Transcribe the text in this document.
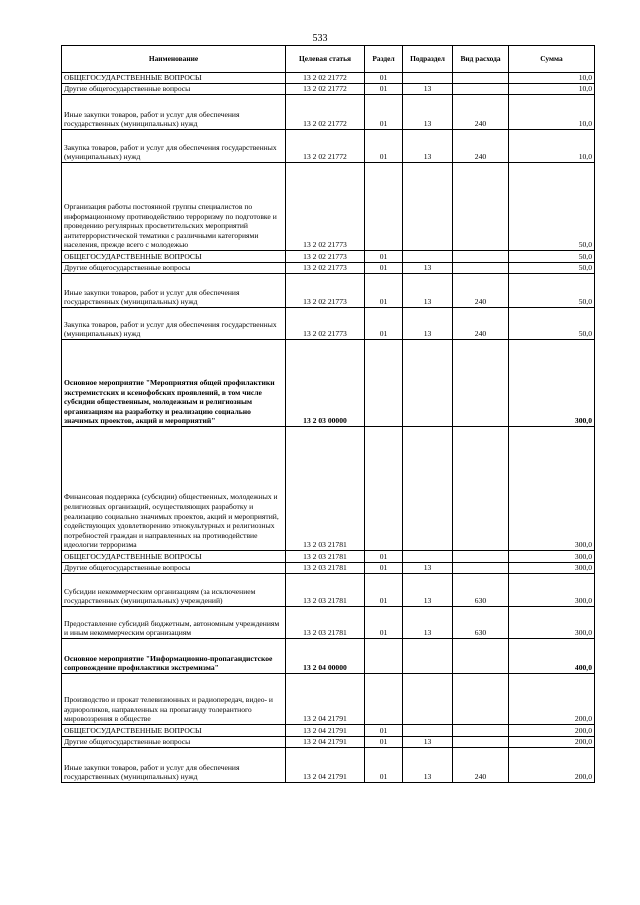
533
Наименование	Целевая статья	Раздел	Подраздел	Вид расхода	Сумма
ОБЩЕГОСУДАРСТВЕННЫЕ ВОПРОСЫ	13 2 02 21772	01			10,0
Другие общегосударственные вопросы	13 2 02 21772	01	13		10,0
Иные закупки товаров, работ и услуг для обеспечения государственных (муниципальных) нужд	13 2 02 21772	01	13	240	10,0
Закупка товаров, работ и услуг для обеспечения государственных (муниципальных) нужд	13 2 02 21772	01	13	240	10,0
Организация работы постоянной группы специалистов по информационному противодействию терроризму по подготовке и проведению регулярных просветительских мероприятий антитеррористической тематики с различными категориями населения, прежде всего с молодежью	13 2 02 21773				50,0
ОБЩЕГОСУДАРСТВЕННЫЕ ВОПРОСЫ	13 2 02 21773	01			50,0
Другие общегосударственные вопросы	13 2 02 21773	01	13		50,0
Иные закупки товаров, работ и услуг для обеспечения государственных (муниципальных) нужд	13 2 02 21773	01	13	240	50,0
Закупка товаров, работ и услуг для обеспечения государственных (муниципальных) нужд	13 2 02 21773	01	13	240	50,0
Основное мероприятие "Мероприятия общей профилактики экстремистских и ксенофобских проявлений, в том числе субсидии общественным, молодежным и религиозным организациям на разработку и реализацию социально значимых проектов, акций и мероприятий"	13 2 03 00000				300,0
Финансовая поддержка (субсидии) общественных, молодежных и религиозных организаций, осуществляющих разработку и реализацию социально значимых проектов, акций и мероприятий, содействующих удовлетворению этнокультурных и религиозных потребностей граждан и направленных на противодействие идеологии терроризма	13 2 03 21781				300,0
ОБЩЕГОСУДАРСТВЕННЫЕ ВОПРОСЫ	13 2 03 21781	01			300,0
Другие общегосударственные вопросы	13 2 03 21781	01	13		300,0
Субсидии некоммерческим организациям (за исключением государственных (муниципальных) учреждений)	13 2 03 21781	01	13	630	300,0
Предоставление субсидий бюджетным, автономным учреждениям и иным некоммерческим организациям	13 2 03 21781	01	13	630	300,0
Основное мероприятие "Информационно-пропагандистское сопровождение профилактики экстремизма"	13 2 04 00000				400,0
Производство и прокат телевизионных и радиопередач, видео- и аудиороликов, направленных на пропаганду толерантного мировоззрения в обществе	13 2 04 21791				200,0
ОБЩЕГОСУДАРСТВЕННЫЕ ВОПРОСЫ	13 2 04 21791	01			200,0
Другие общегосударственные вопросы	13 2 04 21791	01	13		200,0
Иные закупки товаров, работ и услуг для обеспечения государственных (муниципальных) нужд	13 2 04 21791	01	13	240	200,0
